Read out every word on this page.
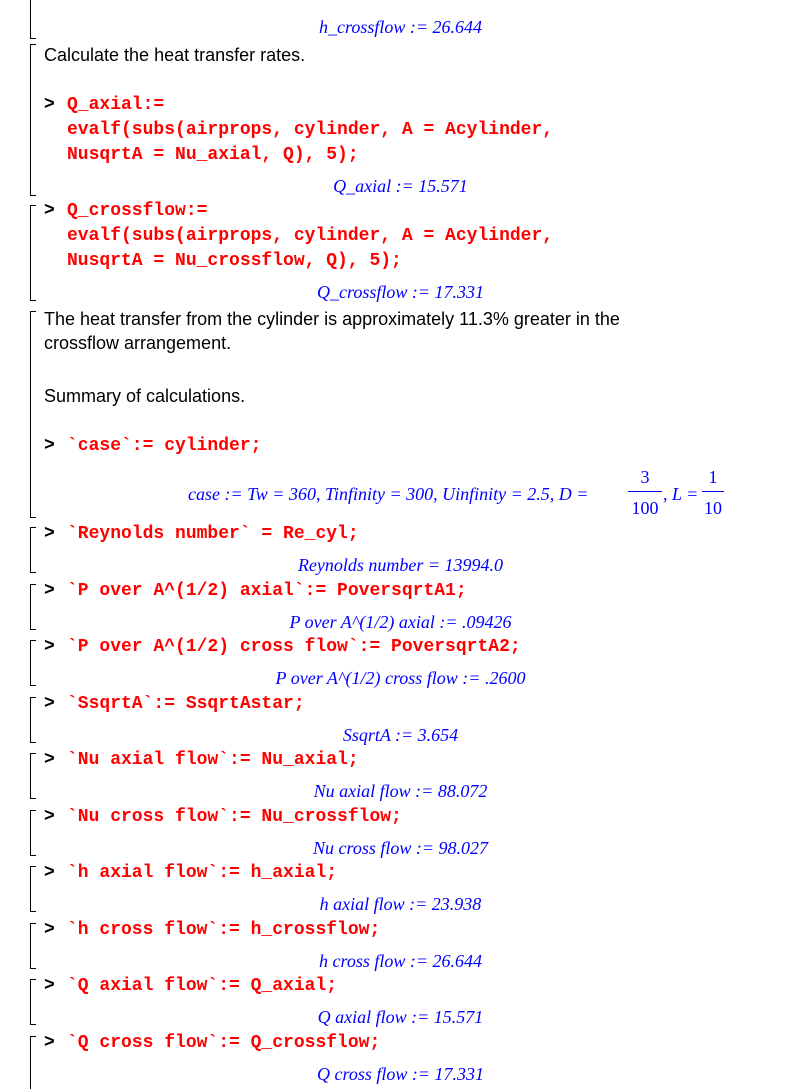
h_crossflow := 26.644
Calculate the heat transfer rates.
> Q_axial:=
evalf(subs(airprops, cylinder, A = Acylinder,
NusqrtA = Nu_axial, Q), 5);
Q_axial := 15.571
> Q_crossflow:=
evalf(subs(airprops, cylinder, A = Acylinder,
NusqrtA = Nu_crossflow, Q), 5);
Q_crossflow := 17.331
The heat transfer from the cylinder is approximately 11.3% greater in the
crossflow arrangement.
Summary of calculations.
> `case`:= cylinder;
case := Tw = 360, Tinfinity = 300, Uinfinity = 2.5, D =
3
100
, L =
1
10
> `Reynolds number` = Re_cyl;
Reynolds number = 13994.0
> `P over A^(1/2) axial`:= PoversqrtA1;
P over A^(1/2) axial := .09426
> `P over A^(1/2) cross flow`:= PoversqrtA2;
P over A^(1/2) cross flow := .2600
> `SsqrtA`:= SsqrtAstar;
SsqrtA := 3.654
> `Nu axial flow`:= Nu_axial;
Nu axial flow := 88.072
> `Nu cross flow`:= Nu_crossflow;
Nu cross flow := 98.027
> `h axial flow`:= h_axial;
h axial flow := 23.938
> `h cross flow`:= h_crossflow;
h cross flow := 26.644
> `Q axial flow`:= Q_axial;
Q axial flow := 15.571
> `Q cross flow`:= Q_crossflow;
Q cross flow := 17.331
